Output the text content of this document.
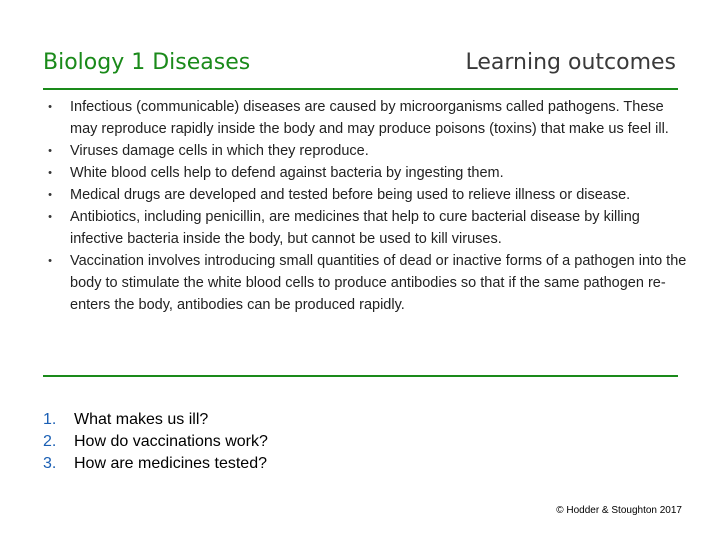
Biology 1 Diseases	Learning outcomes
•	Infectious (communicable) diseases are caused by microorganisms called pathogens. These may reproduce rapidly inside the body and may produce poisons (toxins) that make us feel ill.
•	Viruses damage cells in which they reproduce.
•	White blood cells help to defend against bacteria by ingesting them.
•	Medical drugs are developed and tested before being used to relieve illness or disease.
•	Antibiotics, including penicillin, are medicines that help to cure bacterial disease by killing infective bacteria inside the body, but cannot be used to kill viruses.
•	Vaccination involves introducing small quantities of dead or inactive forms of a pathogen into the body to stimulate the white blood cells to produce antibodies so that if the same pathogen re-enters the body, antibodies can be produced rapidly.
1.	What makes us ill?
2.	How do vaccinations work?
3.	How are medicines tested?
© Hodder & Stoughton 2017
